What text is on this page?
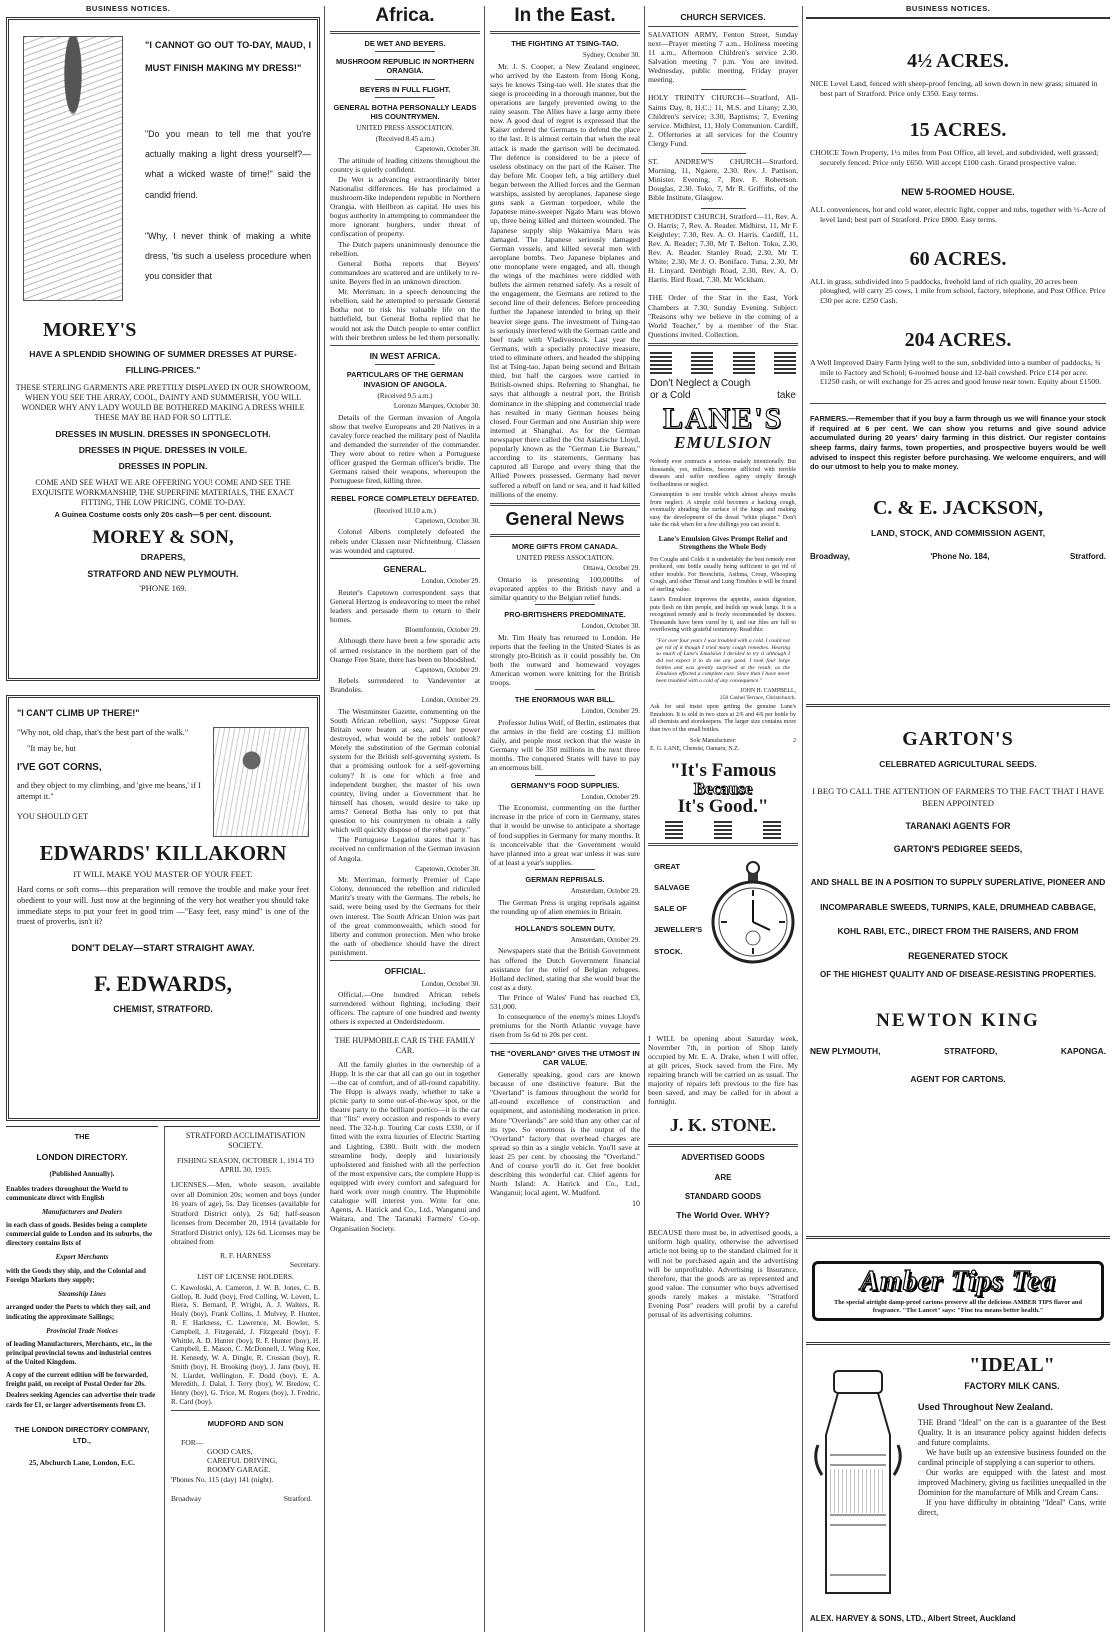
BUSINESS NOTICES.
"I CANNOT GO OUT TO-DAY, MAUD, I MUST FINISH MAKING MY DRESS!"
"Do you mean to tell me that you're actually making a light dress yourself?—what a wicked waste of time!" said the candid friend.
"Why, I never think of making a white dress, 'tis such a useless procedure when you consider that
MOREY'S
HAVE A SPLENDID SHOWING OF SUMMER DRESSES AT PURSE-FILLING-PRICES."
THESE STERLING GARMENTS ARE PRETTILY DISPLAYED IN OUR SHOWROOM, WHEN YOU SEE THE ARRAY, COOL, DAINTY AND SUMMERISH, YOU WILL WONDER WHY ANY LADY WOULD BE BOTHERED MAKING A DRESS WHILE THESE MAY BE HAD FOR SO LITTLE.
DRESSES IN MUSLIN. DRESSES IN SPONGECLOTH.
DRESSES IN PIQUE. DRESSES IN VOILE.
DRESSES IN POPLIN.
COME AND SEE WHAT WE ARE OFFERING YOU! COME AND SEE THE EXQUISITE WORKMANSHIP, THE SUPERFINE MATERIALS, THE EXACT FITTING, THE LOW PRICING. COME TO-DAY.
A Guinea Costume costs only 20s cash—5 per cent. discount.
MOREY & SON,
DRAPERS,
STRATFORD AND NEW PLYMOUTH.
'PHONE 169.
"I CAN'T CLIMB UP THERE!"
"Why not, old chap, that's the best part of the walk."
"It may be, but
I'VE GOT CORNS,
and they object to my climbing, and 'give me beans,' if I attempt it."
YOU SHOULD GET
EDWARDS' KILLAKORN
IT WILL MAKE YOU MASTER OF YOUR FEET.
Hard corns or soft corns—this preparation will remove the trouble and make your feet obedient to your will. Just now at the beginning of the very hot weather you should take immediate steps to put your feet in good trim —"Easy feet, easy mind" is one of the truest of proverbs, isn't it?
DON'T DELAY—START STRAIGHT AWAY.
F. EDWARDS,
CHEMIST, STRATFORD.
THE
LONDON DIRECTORY.
(Published Annually).
Enables traders throughout the World to communicate direct with English
Manufacturers and Dealers
in each class of goods. Besides being a complete commercial guide to London and its suburbs, the directory contains lists of
Export Merchants
with the Goods they ship, and the Colonial and Foreign Markets they supply;
Steamship Lines
arranged under the Ports to which they sail, and indicating the approximate Sailings;
Provincial Trade Notices
of leading Manufacturers, Merchants, etc., in the principal provincial towns and industrial centres of the United Kingdom.
A copy of the current edition will be forwarded, freight paid, on receipt of Postal Order for 20s.
Dealers seeking Agencies can advertise their trade cards for £1, or larger advertisements from £3.
THE LONDON DIRECTORY COMPANY, LTD.,
25, Abchurch Lane, London, E.C.
STRATFORD ACCLIMATISATION SOCIETY.
FISHING SEASON, OCTOBER 1, 1914 TO APRIL 30, 1915.
LICENSES.—Men, whole season, available over all Dominion 20s; women and boys (under 16 years of age), 5s. Day licenses (available for Stratford District only), 2s 6d; half-season licenses from December 20, 1914 (available for Stratford District only), 12s 6d. Licenses may be obtained from
R. F. HARNESS
Secretary.
LIST OF LICENSE HOLDERS.
C. Kawoloski, A. Cameron, J. W. B. Jones, C. B. Gollop, R. Judd (boy), Fred Colling, W. Lovett, L. Riera, S. Bernard, P. Wright, A. J. Walters, R. Healy (boy), Frank Collins, J. Mulvey, P. Hunter, R. F. Harkness, C. Lawrence, M. Bowler, S. Campbell, J. Fitzgerald, J. Fitzgerald (boy), F. Whittle, A. D. Hunter (boy), R. F. Hunter (boy), H. Campbell, E. Mason, C. McDonnell, J. Wing Kee, H. Kennedy, W. A. Dingle, R. Crossan (boy), R. Smith (boy), H. Brooking (boy), J. Jans (boy), H. N. Liardet, Wellington, F. Dodd (boy), E. A. Meredith, J. Dalal, J. Terry (boy), W. Bredow, C. Henry (boy), G. Trice, M. Rogers (boy), J. Fredric, R. Card (boy).
MUDFORD AND SON
FOR—
GOOD CARS,
CAREFUL DRIVING,
ROOMY GARAGE.
'Phones No. 115 (day) 141 (night).
Broadway	Stratford.
Africa.
DE WET AND BEYERS.
MUSHROOM REPUBLIC IN NORTHERN ORANGIA.
BEYERS IN FULL FLIGHT.
GENERAL BOTHA PERSONALLY LEADS HIS COUNTRYMEN.
UNITED PRESS ASSOCIATION.
(Received 8.45 a.m.)
Capetown, October 30.

The attitude of leading citizens throughout the country is quietly confident.

De Wet is advancing extraordinarily bitter Nationalist differences. He has proclaimed a mushroom-like independent republic in Northern Orangia, with Heilbron as capital. He uses his bogus authority in attempting to commandeer the more ignorant burghers, under threat of confiscation of property.

The Dutch papers unanimously denounce the rebellion.

General Botha reports that Beyers' commandoes are scattered and are unlikely to re-unite. Beyers fled in an unknown direction.

Mr. Merriman, in a speech denouncing the rebellion, said he attempted to persuade General Botha not to risk his valuable life on the battlefield, but General Botha replied that he would not ask the Dutch people to enter conflict with their brethren unless he led them personally.

IN WEST AFRICA.
PARTICULARS OF THE GERMAN INVASION OF ANGOLA.
(Received 9.5 a.m.)
Lorenzo Marques, October 30.

Details of the German invasion of Angola show that twelve Europeans and 20 Natives in a cavalry force reached the military post of Naulila and demanded the surrender of the commander. They were about to retire when a Portuguese officer grasped the German officer's bridle. The Germans raised their weapons, whereupon the Portuguese fired, killing three.

REBEL FORCE COMPLETELY DEFEATED.
(Received 10.10 a.m.)
Capetown, October 30.

Colonel Alberts completely defeated the rebels under Classen near Nichtenburg. Classen was wounded and captured.

GENERAL.
London, October 29.

Reuter's Capetown correspondent says that General Hertzog is endeavoring to meet the rebel leaders and persuade them to return to their homes.

Bloemfontein, October 29.

Although there have been a few sporadic acts of armed resistance in the northern part of the Orange Free State, there has been no bloodshed.

Capetown, October 29.

Rebels surrendered to Vandeventer at Brandoles.

London, October 29.

The Westminster Gazette, commenting on the South African rebellion, says: "Suppose Great Britain were beaten at sea, and her power destroyed, what would be the rebels' outlook? Merely the substitution of the German colonial system for the British self-governing system. Is that a promising outlook for a self-governing colony? It is one for which a free and independent burgher, the master of his own country, living under a Government that he himself has chosen, would desire to take up arms? General Botha has only to put that question to his countrymen to obtain a rally which will quickly dispose of the rebel party."

The Portuguese Legation states that it has received no confirmation of the German invasion of Angola.

Capetown, October 30.

Mr. Merriman, formerly Premier of Cape Colony, denounced the rebellion and ridiculed Maritz's treaty with the Germans. The rebels, he said, were being used by the Germans for their own interest. The South African Union was part of the great commonwealth, which stood for liberty and common protection. Men who broke the oath of obedience should have the direct punishment.

OFFICIAL.
London, October 30.

Official.—One hundred African rebels surrendered without fighting, including their officers. The capture of one hundred and twenty others is expected at Onderdstedoorn.

THE HUPMOBILE CAR IS THE FAMILY CAR.

All the family glories in the ownership of a Hupp. It is the car that all can go out in together—the car of comfort, and of all-round capability. The Hupp is always ready, whether to take a picnic party to some out-of-the-way spot, or the theatre party to the brilliant portico—it is the car that "fits" every occasion and responds to every need. The 32-h.p. Touring Car costs £330, or if fitted with the extra luxuries of Electric Starting and Lighting, £380. Built with the modern streamline body, deeply and luxuriously upholstered and finished with all the perfection of the most expensive cars, the complete Hupp is equipped with every comfort and safeguard for hard work over rough country. The Hupmobile catalogue will interest you. Write for one. Agents, A. Hatrick and Co., Ltd., Wanganui and Waitara, and The Taranaki Farmers' Co-op. Organisation Society.

In the East.
THE FIGHTING AT TSING-TAO.
Sydney, October 30.

Mr. J. S. Cooper, a New Zealand engineer, who arrived by the Eastern from Hong Kong, says he knows Tsing-tao well. He states that the siege is proceeding in a thorough manner, but the operations are largely prevented owing to the rainy season. The Allies have a large army there now. A good deal of regret is expressed that the Kaiser ordered the Germans to defend the place to the last. It is almost certain that when the real attack is made the garrison will be decimated. The defence is considered to be a piece of useless obstinacy on the part of the Kaiser. The day before Mr. Cooper left, a big artillery duel began between the Allied forces and the German warships, assisted by aeroplanes. Japanese siege guns sank a German torpedoer, while the Japanese mine-sweeper Ngato Maru was blown up, three being killed and thirteen wounded. The Japanese supply ship Wakamiya Maru was damaged. The Japanese seriously damaged German vessels, and killed several men with aeroplane bombs. Two Japanese biplanes and one monoplane were engaged, and all, though the wings of the machines were riddled with bullets the airmen returned safely. As a result of the engagement, the Germans are retired to the second line of their defences. Before proceeding further the Japanese intended to bring up their heavier siege guns. The investment of Tsing-tao is seriously interfered with the German cattle and beef trade with Vladivostock. Last year the Germans, with a specially protective measure, tried to eliminate others, and headed the shipping list at Tsing-tao, Japan being second and Britain third, but half the cargoes were carried in British-owned ships. Referring to Shanghai, he says that although a neutral port, the British dominance in the shipping and commercial trade has resulted in many German houses being closed. Four German and one Austrian ship were interned at Shanghai. As for the German newspaper there called the Ost Asiatische Lloyd, popularly known as the "German Lie Bureau," according to its statements, Germany has captured all Europe and every thing that the Allied Powers possessed. Germany had never suffered a rebuff on land or sea, and it had killed millions of the enemy.

General News
MORE GIFTS FROM CANADA.
UNITED PRESS ASSOCIATION.
Ottawa, October 29.

Ontario is presenting 100,000lbs of evaporated apples to the British navy and a similar quantity to the Belgian relief funds.

PRO-BRITISHERS PREDOMINATE.
London, October 30.

Mr. Tim Healy has returned to London. He reports that the feeling in the United States is as strongly pro-British as it could possibly be. On both the outward and homeward voyages American women were knitting for the British troops.

THE ENORMOUS WAR BILL.
London, October 29.

Professor Julius Wolf, of Berlin, estimates that the armies in the field are costing £1 million daily, and people must reckon that the waste in Germany will be 350 millions in the next three months. The conquered States will have to pay an enormous bill.

GERMANY'S FOOD SUPPLIES.
London, October 29.

The Economist, commenting on the further increase in the price of corn in Germany, states that it would be unwise to anticipate a shortage of food supplies in Germany for many months. It is inconceivable that the Government would have planned into a great war unless it was sure of at least a year's supplies.

GERMAN REPRISALS.
Amsterdam, October 29.

The German Press is urging reprisals against the rounding up of alien enemies in Britain.

HOLLAND'S SOLEMN DUTY.
Amsterdam, October 29.

Newspapers state that the British Government has offered the Dutch Government financial assistance for the relief of Belgian refugees. Holland declined, stating that she would bear the cost as a duty.

The Prince of Wales' Fund has reached £3, 531,000.

In consequence of the enemy's mines Lloyd's premiums for the North Atlantic voyage have risen from 5s 6d to 20s per cent.

THE "OVERLAND" GIVES THE UTMOST IN CAR VALUE.

Generally speaking, good cars are known because of one distinctive feature. But the "Overland" is famous throughout the world for all-round excellence of construction and equipment, and astonishing moderation in price. More "Overlands" are sold than any other car of its type. So enormous is the output of the "Overland" factory that overhead charges are spread so thin as a single vehicle. You'll save at least 25 per cent. by choosing the "Overland." And of course you'll do it. Get free booklet describing this wonderful car. Chief agents for North Island: A. Hatrick and Co., Ltd., Wanganui; local agent, W. Mudford.

10
CHURCH SERVICES.

SALVATION ARMY, Fenton Street, Sunday next—Prayer meeting 7 a.m., Holiness meeting 11 a.m., Afternoon Children's service 2.30. Salvation meeting 7 p.m. You are invited. Wednesday, public meeting, Friday prayer meeting.

HOLY TRINITY CHURCH—Stratford, All-Saints Day, 8, H.C.; 11, M.S. and Litany; 2.30, Children's service; 3.30, Baptisms; 7, Evening service. Midhirst, 11, Holy Communion. Cardiff, 2. Offertories at all services for the Country Clergy Fund.

ST. ANDREW'S CHURCH—Stratford, Morning, 11, Ngaere, 2.30. Rev. J. Pattison, Minister. Evening, 7, Rev. F. Robertson. Douglas, 2.30. Toko, 7, Mr R. Griffiths, of the Bible Institute, Glasgow.

METHODIST CHURCH, Stratford—11, Rev. A. O. Harris; 7, Rev. A. Reader. Midhirst, 11, Mr F. Keightley; 7.30, Rev. A. O. Harris. Cardiff, 11, Rev. A. Reader; 7.30, Mr T. Belton. Toko, 2.30, Rev. A. Reader. Stanley Road, 2.30, Mr T. White; 2.30, Mr J. O. Boniface. Tuna, 2.30, Mr H. Linyard. Denbigh Road, 2.30, Rev. A. O. Harris. Bird Road, 7.30, Mr Wickham.

THE Order of the Star in the East, York Chambers at 7.30, Sunday Evening. Subject: "Reasons why we believe in the coming of a World Teacher," by a member of the Star. Questions invited. Collection.

Don't Neglect a Cough
or a Cold	take
LANE'S
EMULSION
Nobody ever contracts a serious malady intentionally. But thousands, yes, millions, become afflicted with terrible diseases and suffer needless agony simply through foolhardiness or neglect.
Consumption is one trouble which almost always results from neglect. A simple cold becomes a hacking cough, eventually abrading the surface of the lungs and making easy the development of the dread "white plague." Don't take the risk when for a few shillings you can avoid it.
Lane's Emulsion Gives Prompt Relief and Strengthens the Whole Body
For Coughs and Colds it is undeniably the best remedy ever produced, one bottle usually being sufficient to get rid of either trouble. For Bronchitis, Asthma, Croup, Whooping Cough, and other Throat and Lung Troubles it will be found of sterling value.
Lane's Emulsion improves the appetite, assists digestion, puts flesh on thin people, and builds up weak lungs. It is a recognised remedy and is freely recommended by doctors. Thousands have been cured by it, and our files are full to overflowing with grateful testimony. Read this:
"For over four years I was troubled with a cold. I could not get rid of it though I tried many cough remedies. Hearing so much of Lane's Emulsion I decided to try it although I did not expect it to do me any good. I took four large bottles and was greatly surprised at the result, as the Emulsion effected a complete cure. Since then I have never been troubled with a cold of any consequence."
JOHN H. CAMPBELL,
250 Cashel Terrace, Christchurch.
Ask for and insist upon getting the genuine Lane's Emulsion. It is sold in two sizes at 2/6 and 4/6 per bottle by all chemists and storekeepers. The larger size contains more than two of the small bottles.
Sole Manufacturer:	2
E. G. LANE, Chemist, Oamaru, N.Z.
"It's Famous
Because
It's Good."
GREAT
SALVAGE
SALE OF
JEWELLER'S
STOCK.

I WILL be opening about Saturday week, November 7th, in portion of Shop lately occupied by Mr. E. A. Drake, when I will offer, at gilt prices, Stock saved from the Fire. My repairing branch will be carried on as usual. The majority of repairs left previous to the fire has been saved, and may be called for in about a fortnight.

J. K. STONE.
ADVERTISED GOODS
ARE
STANDARD GOODS
The World Over. WHY?

BECAUSE there must be, in advertised goods, a uniform high quality, otherwise the advertised article not being up to the standard claimed for it will not be purchased again and the advertising will be unprofitable. Advertising is Insurance, therefore, that the goods are as represented and good value. The consumer who buys advertised goods rarely makes a mistake. "Stratford Evening Post" readers will profit by a careful perusal of its advertising columns.

BUSINESS NOTICES.
4½ ACRES.
NICE Level Land, fenced with sheep-proof fencing, all sown down in new grass; situated in best part of Stratford. Price only £350. Easy terms.
15 ACRES.
CHOICE Town Property, 1½ miles from Post Office, all level, and subdivided, well grassed; securely fenced. Price only £650. Will accept £100 cash. Grand prospective value.
NEW 5-ROOMED HOUSE.
ALL conveniences, hot and cold water, electric light, copper and tubs, together with ½-Acre of level land; best part of Stratford. Price £800. Easy terms.
60 ACRES.
ALL in grass, subdivided into 5 paddocks, freehold land of rich quality, 20 acres been ploughed, will carry 25 cows, 1 mile from school, factory, telephone, and Post Office. Price £30 per acre. £250 Cash.
204 ACRES.
A Well Improved Dairy Farm lying well to the sun, subdivided into a number of paddocks, ¾ mile to Factory and School; 6-roomed house and 12-bail cowshed. Price £14 per acre. £1250 cash, or will exchange for 25 acres and good house near town. Equity about £1500.
FARMERS.—Remember that if you buy a farm through us we will finance your stock if required at 6 per cent. We can show you returns and give sound advice accumulated during 20 years' dairy farming in this district. Our register contains sheep farms, dairy farms, town properties, and prospective buyers would be well advised to inspect this register before purchasing. We welcome enquirers, and will do our utmost to help you to make money.
C. & E. JACKSON,
LAND, STOCK, AND COMMISSION AGENT,
Broadway,	'Phone No. 184,	Stratford.
GARTON'S
CELEBRATED AGRICULTURAL SEEDS.
I BEG TO CALL THE ATTENTION OF FARMERS TO THE FACT THAT I HAVE BEEN APPOINTED
TARANAKI AGENTS FOR
GARTON'S PEDIGREE SEEDS,
AND SHALL BE IN A POSITION TO SUPPLY SUPERLATIVE, PIONEER AND INCOMPARABLE SWEEDS, TURNIPS, KALE, DRUMHEAD CABBAGE, KOHL RABI, ETC., DIRECT FROM THE RAISERS, AND FROM
REGENERATED STOCK
OF THE HIGHEST QUALITY AND OF DISEASE-RESISTING PROPERTIES.
NEWTON KING
NEW PLYMOUTH,	STRATFORD,	KAPONGA.
AGENT FOR CARTONS.
Amber Tips Tea
The special airtight damp-proof cartons preserve all the delicious AMBER TIPS flavor and fragrance. "The Lancet" says: "Fine tea means better health."
"IDEAL"
FACTORY MILK CANS.
Used Throughout New Zealand.

THE Brand "Ideal" on the can is a guarantee of the Best Quality. It is an insurance policy against hidden defects and future complaints.

We have built up an extensive business founded on the cardinal principle of supplying a can superior to others.

Our works are equipped with the latest and most improved Machinery, giving us facilities unequalled in the Dominion for the manufacture of Milk and Cream Cans.

If you have difficulty in obtaining "Ideal" Cans, write direct,

ALEX. HARVEY & SONS, LTD., Albert Street, Auckland
